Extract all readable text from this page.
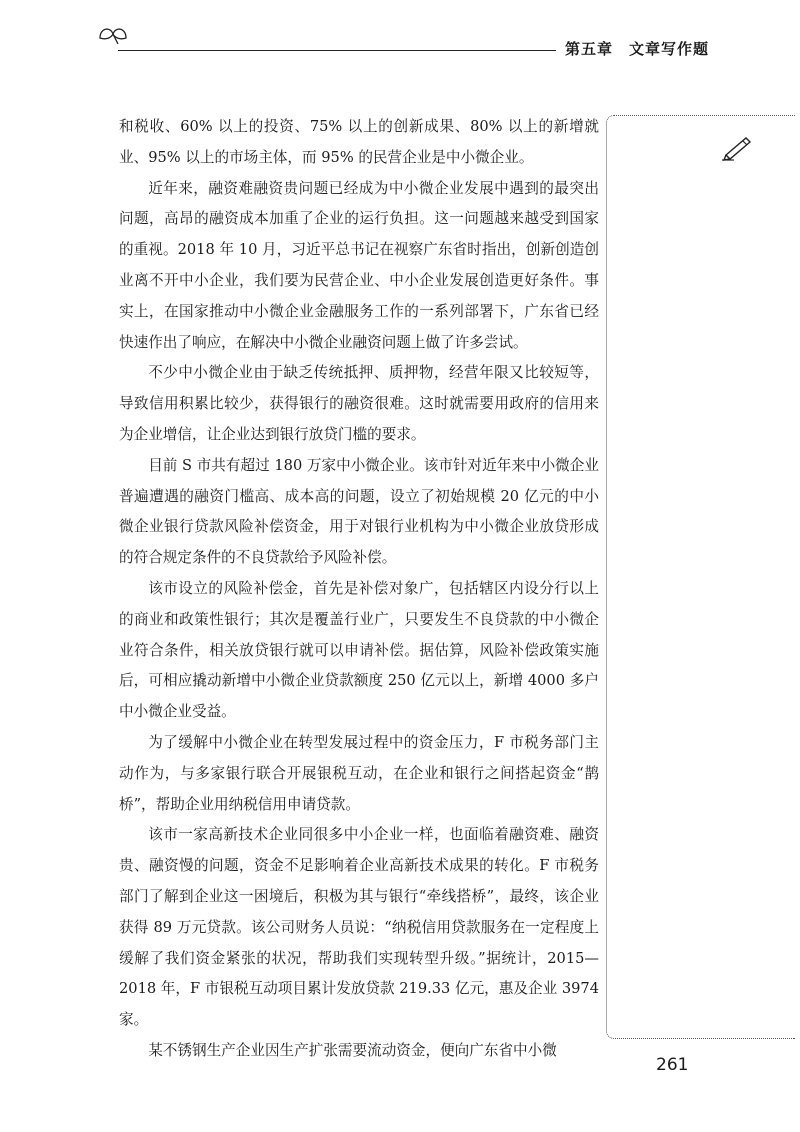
第五章　文章写作题

和税收、60% 以上的投资、75% 以上的创新成果、80% 以上的新增就业、95% 以上的市场主体，而 95% 的民营企业是中小微企业。

近年来，融资难融资贵问题已经成为中小微企业发展中遇到的最突出问题，高昂的融资成本加重了企业的运行负担。这一问题越来越受到国家的重视。2018 年 10 月，习近平总书记在视察广东省时指出，创新创造创业离不开中小企业，我们要为民营企业、中小企业发展创造更好条件。事实上，在国家推动中小微企业金融服务工作的一系列部署下，广东省已经快速作出了响应，在解决中小微企业融资问题上做了许多尝试。

不少中小微企业由于缺乏传统抵押、质押物，经营年限又比较短等，导致信用积累比较少，获得银行的融资很难。这时就需要用政府的信用来为企业增信，让企业达到银行放贷门槛的要求。

目前 S 市共有超过 180 万家中小微企业。该市针对近年来中小微企业普遍遭遇的融资门槛高、成本高的问题，设立了初始规模 20 亿元的中小微企业银行贷款风险补偿资金，用于对银行业机构为中小微企业放贷形成的符合规定条件的不良贷款给予风险补偿。

该市设立的风险补偿金，首先是补偿对象广，包括辖区内设分行以上的商业和政策性银行；其次是覆盖行业广，只要发生不良贷款的中小微企业符合条件，相关放贷银行就可以申请补偿。据估算，风险补偿政策实施后，可相应撬动新增中小微企业贷款额度 250 亿元以上，新增 4000 多户中小微企业受益。

为了缓解中小微企业在转型发展过程中的资金压力，F 市税务部门主动作为，与多家银行联合开展银税互动，在企业和银行之间搭起资金“鹊桥”，帮助企业用纳税信用申请贷款。

该市一家高新技术企业同很多中小企业一样，也面临着融资难、融资贵、融资慢的问题，资金不足影响着企业高新技术成果的转化。F 市税务部门了解到企业这一困境后，积极为其与银行“牵线搭桥”，最终，该企业获得 89 万元贷款。该公司财务人员说：“纳税信用贷款服务在一定程度上缓解了我们资金紧张的状况，帮助我们实现转型升级。”据统计，2015—2018 年，F 市银税互动项目累计发放贷款 219.33 亿元，惠及企业 3974 家。

某不锈钢生产企业因生产扩张需要流动资金，便向广东省中小微

261
